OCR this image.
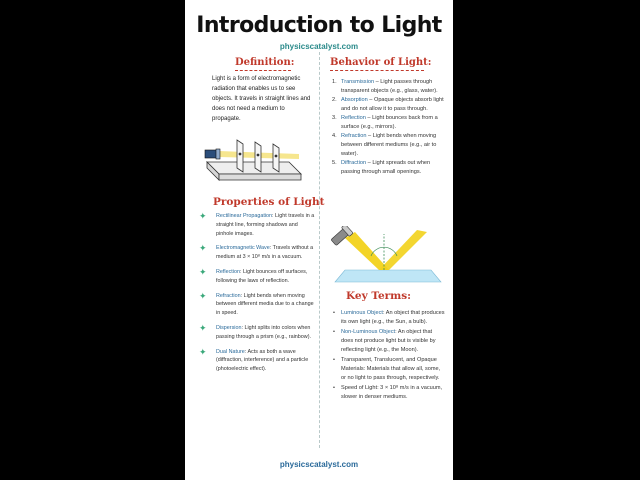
Introduction to Light
physicscatalyst.com
Definition:
Light is a form of electromagnetic radiation that enables us to see objects. It travels in straight lines and does not need a medium to propagate.
Properties of Light
✦ Rectilinear Propagation: Light travels in a straight line, forming shadows and pinhole images.
✦ Electromagnetic Wave: Travels without a medium at 3 × 10⁸ m/s in a vacuum.
✦ Reflection: Light bounces off surfaces, following the laws of reflection.
✦ Refraction: Light bends when moving between different media due to a change in speed.
✦ Dispersion: Light splits into colors when passing through a prism (e.g., rainbow).
✦ Dual Nature: Acts as both a wave (diffraction, interference) and a particle (photoelectric effect).
Behavior of Light:
1. Transmission – Light passes through transparent objects (e.g., glass, water).
2. Absorption – Opaque objects absorb light and do not allow it to pass through.
3. Reflection – Light bounces back from a surface (e.g., mirrors).
4. Refraction – Light bends when moving between different mediums (e.g., air to water).
5. Diffraction – Light spreads out when passing through small openings.
Key Terms:
• Luminous Object: An object that produces its own light (e.g., the Sun, a bulb).
• Non-Luminous Object: An object that does not produce light but is visible by reflecting light (e.g., the Moon).
• Transparent, Translucent, and Opaque Materials: Materials that allow all, some, or no light to pass through, respectively.
• Speed of Light: 3 × 10⁸ m/s in a vacuum, slower in denser mediums.
physicscatalyst.com
